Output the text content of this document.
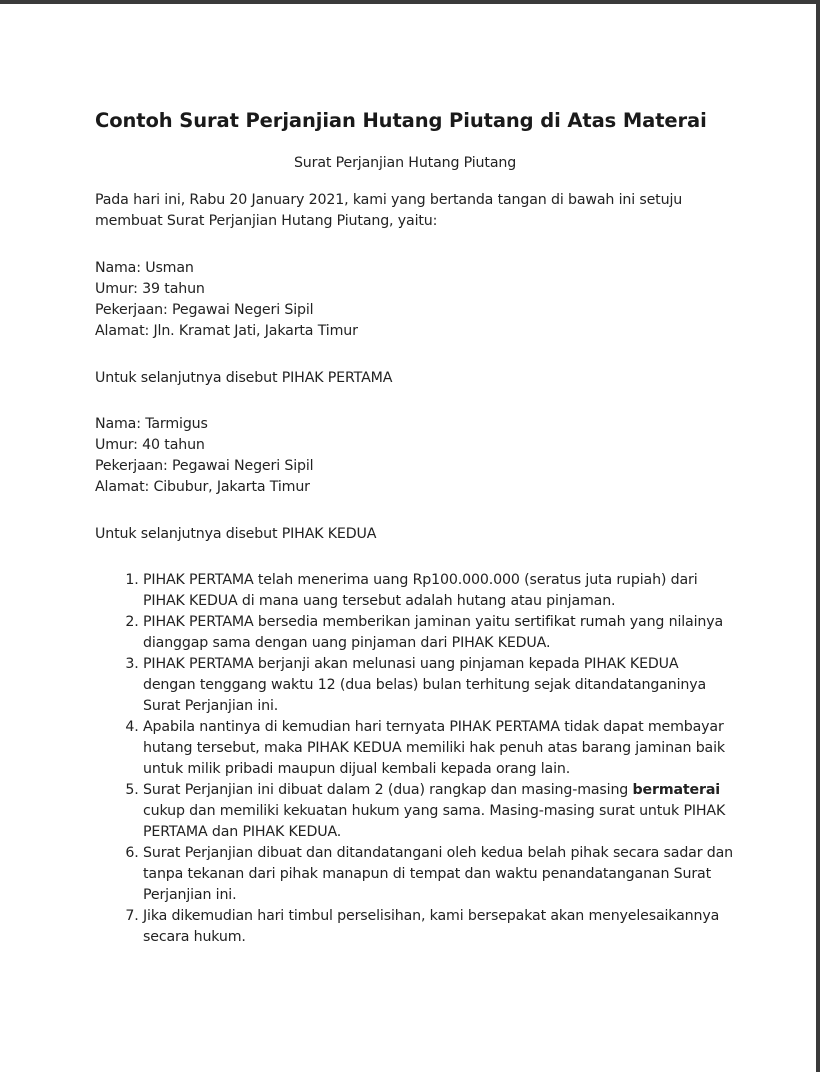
Contoh Surat Perjanjian Hutang Piutang di Atas Materai

Surat Perjanjian Hutang Piutang

Pada hari ini, Rabu 20 January 2021, kami yang bertanda tangan di bawah ini setuju membuat Surat Perjanjian Hutang Piutang, yaitu:

Nama: Usman
Umur: 39 tahun
Pekerjaan: Pegawai Negeri Sipil
Alamat: Jln. Kramat Jati, Jakarta Timur

Untuk selanjutnya disebut PIHAK PERTAMA

Nama: Tarmigus
Umur: 40 tahun
Pekerjaan: Pegawai Negeri Sipil
Alamat: Cibubur, Jakarta Timur

Untuk selanjutnya disebut PIHAK KEDUA

1. PIHAK PERTAMA telah menerima uang Rp100.000.000 (seratus juta rupiah) dari PIHAK KEDUA di mana uang tersebut adalah hutang atau pinjaman.
2. PIHAK PERTAMA bersedia memberikan jaminan yaitu sertifikat rumah yang nilainya dianggap sama dengan uang pinjaman dari PIHAK KEDUA.
3. PIHAK PERTAMA berjanji akan melunasi uang pinjaman kepada PIHAK KEDUA dengan tenggang waktu 12 (dua belas) bulan terhitung sejak ditandatanganinya Surat Perjanjian ini.
4. Apabila nantinya di kemudian hari ternyata PIHAK PERTAMA tidak dapat membayar hutang tersebut, maka PIHAK KEDUA memiliki hak penuh atas barang jaminan baik untuk milik pribadi maupun dijual kembali kepada orang lain.
5. Surat Perjanjian ini dibuat dalam 2 (dua) rangkap dan masing-masing bermaterai cukup dan memiliki kekuatan hukum yang sama. Masing-masing surat untuk PIHAK PERTAMA dan PIHAK KEDUA.
6. Surat Perjanjian dibuat dan ditandatangani oleh kedua belah pihak secara sadar dan tanpa tekanan dari pihak manapun di tempat dan waktu penandatanganan Surat Perjanjian ini.
7. Jika dikemudian hari timbul perselisihan, kami bersepakat akan menyelesaikannya secara hukum.
